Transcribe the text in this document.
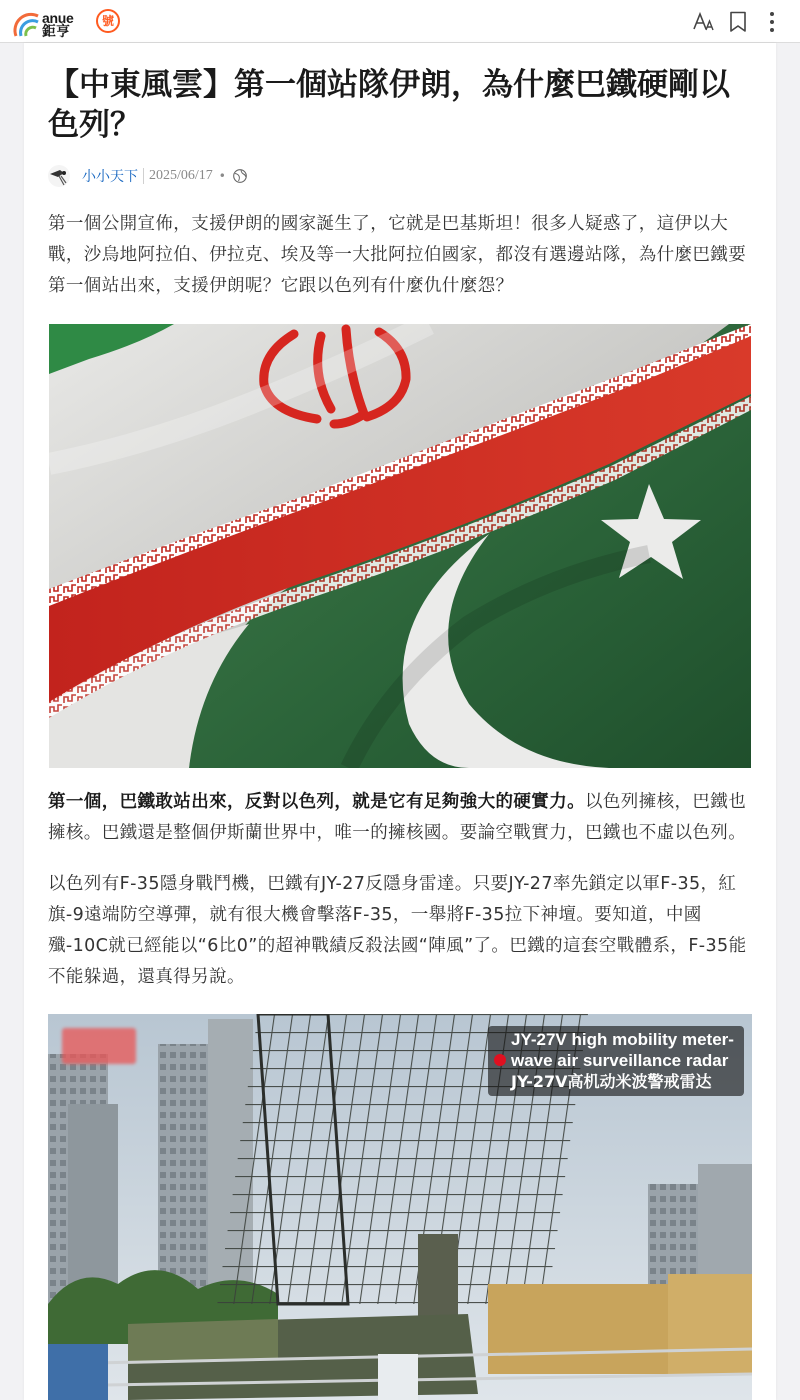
anue
鉅亨
號
【中東風雲】第一個站隊伊朗，為什麼巴鐵硬剛以色列？
小小天下 2025/06/17 •

第一個公開宣佈，支援伊朗的國家誕生了，它就是巴基斯坦！很多人疑惑了，這伊以大戰，沙烏地阿拉伯、伊拉克、埃及等一大批阿拉伯國家，都沒有選邊站隊，為什麼巴鐵要第一個站出來，支援伊朗呢？它跟以色列有什麼仇什麼怨？

第一個，巴鐵敢站出來，反對以色列，就是它有足夠強大的硬實力。以色列擁核，巴鐵也擁核。巴鐵還是整個伊斯蘭世界中，唯一的擁核國。要論空戰實力，巴鐵也不虛以色列。

以色列有F-35隱身戰鬥機，巴鐵有JY-27反隱身雷達。只要JY-27率先鎖定以軍F-35，紅旗-9遠端防空導彈，就有很大機會擊落F-35，一舉將F-35拉下神壇。要知道，中國殲-10C就已經能以“6比0”的超神戰績反殺法國“陣風”了。巴鐵的這套空戰體系，F-35能不能躲過，還真得另說。

JY-27V high mobility meter-
wave air surveillance radar
JY-27V高机动米波警戒雷达
